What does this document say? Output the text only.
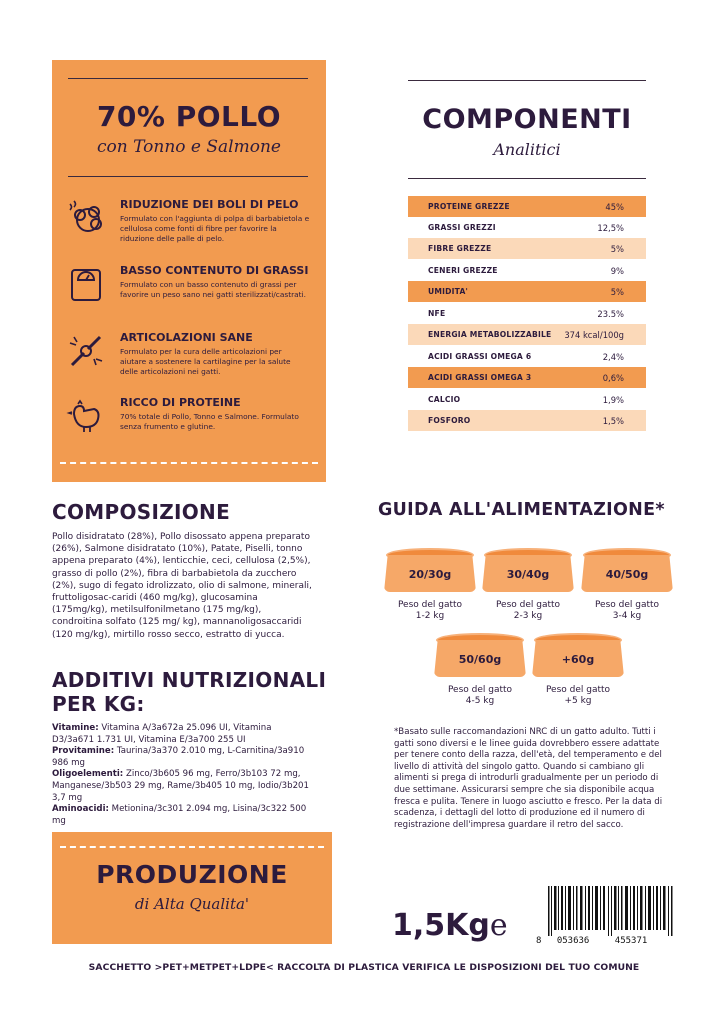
70% POLLO
con Tonno e Salmone
RIDUZIONE DEI BOLI DI PELO
Formulato con l'aggiunta di polpa di barbabietola e cellulosa come fonti di fibre per favorire la riduzione delle palle di pelo.
BASSO CONTENUTO DI GRASSI
Formulato con un basso contenuto di grassi per favorire un peso sano nei gatti sterilizzati/castrati.
ARTICOLAZIONI SANE
Formulato per la cura delle articolazioni per aiutare a sostenere la cartilagine per la salute delle articolazioni nei gatti.
RICCO DI PROTEINE
70% totale di Pollo, Tonno e Salmone. Formulato senza frumento e glutine.
COMPONENTI
Analitici
PROTEINE GREZZE	45%
GRASSI GREZZI	12,5%
FIBRE GREZZE	5%
CENERI GREZZE	9%
UMIDITA'	5%
NFE	23.5%
ENERGIA METABOLIZZABILE 374 kcal/100g
ACIDI GRASSI OMEGA 6	2,4%
ACIDI GRASSI OMEGA 3	0,6%
CALCIO	1,9%
FOSFORO	1,5%
COMPOSIZIONE
Pollo disidratato (28%), Pollo disossato appena preparato (26%), Salmone disidratato (10%), Patate, Piselli, tonno appena preparato (4%), lenticchie, ceci, cellulosa (2,5%), grasso di pollo (2%), fibra di barbabietola da zucchero (2%), sugo di fegato idrolizzato, olio di salmone, minerali, fruttoligosac-caridi (460 mg/kg), glucosamina (175mg/kg), metilsulfonilmetano (175 mg/kg), condroitina solfato (125 mg/ kg), mannanoligosaccaridi (120 mg/kg), mirtillo rosso secco, estratto di yucca.
ADDITIVI NUTRIZIONALI
PER KG:
Vitamine: Vitamina A/3a672a 25.096 UI, Vitamina D3/3a671 1.731 UI, Vitamina E/3a700 255 UI
Provitamine: Taurina/3a370 2.010 mg, L-Carnitina/3a910 986 mg
Oligoelementi: Zinco/3b605 96 mg, Ferro/3b103 72 mg, Manganese/3b503 29 mg, Rame/3b405 10 mg, Iodio/3b201 3,7 mg
Aminoacidi: Metionina/3c301 2.094 mg, Lisina/3c322 500 mg
PRODUZIONE
di Alta Qualita'
GUIDA ALL'ALIMENTAZIONE*
20/30g	30/40g	40/50g
Peso del gatto
1-2 kg
Peso del gatto
2-3 kg
Peso del gatto
3-4 kg
50/60g	+60g
Peso del gatto
4-5 kg
Peso del gatto
+5 kg
*Basato sulle raccomandazioni NRC di un gatto adulto. Tutti i gatti sono diversi e le linee guida dovrebbero essere adattate per tenere conto della razza, dell'età, del temperamento e del livello di attività del singolo gatto. Quando si cambiano gli alimenti si prega di introdurli gradualmente per un periodo di due settimane. Assicurarsi sempre che sia disponibile acqua fresca e pulita. Tenere in luogo asciutto e fresco. Per la data di scadenza, i dettagli del lotto di produzione ed il numero di registrazione dell'impresa guardare il retro del sacco.
1,5Kge	8 053636	455371
SACCHETTO >PET+METPET+LDPE< RACCOLTA DI PLASTICA VERIFICA LE DISPOSIZIONI DEL TUO COMUNE
